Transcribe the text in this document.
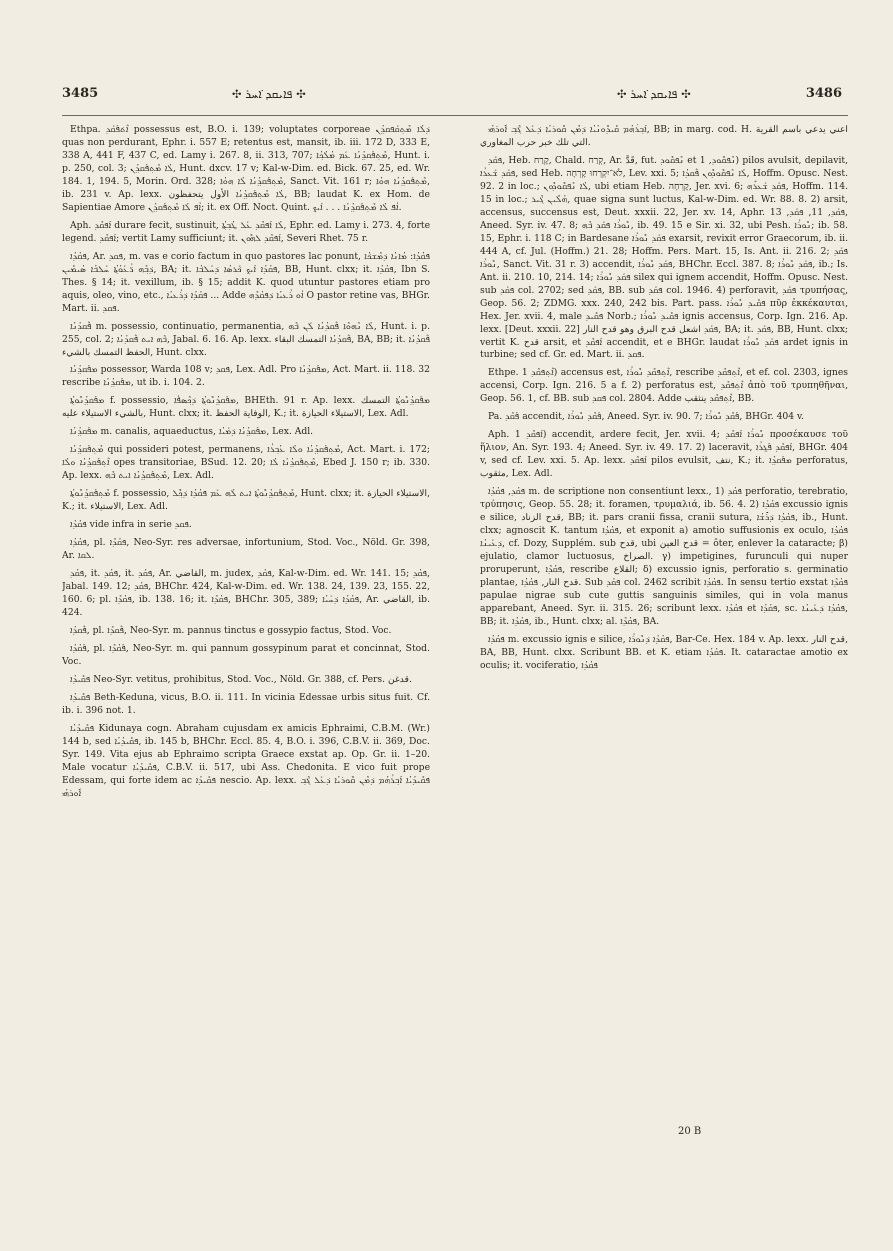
3485	✣ ܦܐܝܩܕ ܐ݁ܚܪ ✣	✣ ܦܐܝܩܕ ܐ݁ܚܪ ✣	3486

Ethpa. ܐܶܬ݁ܦܰܩܰܕ possessus est, B.O. i. 139; voluptates corporeae ܕ݁ܠܳܐ ܡܶܬ݂ܩܰܦܩܕ݂ܳܢ quas non perdurant, Ephr. i. 557 E; retentus est, mansit, ib. iii. 172 D, 333 E, 338 A, 441 F, 437 C, ed. Lamy i. 267. 8, ii. 313, 707; ܡܶܬ݂ܦܰܩܕ݂ܳܢܳܐ ܥܰܡ ܡܳܠܳܟ݂ܳܐ, Hunt. i. p. 250, col. 3; ܠܳܐ ܡܶܬ݂ܦܰܩܕ݂ܳܢ, Hunt. dxcv. 17 v; Kal-w-Dim. ed. Bick. 67. 25, ed. Wr. 184. 1, 194. 5, Morin. Ord. 328; ܡܶܬ݂ܦܰܩܕ݂ܳܢܳܐ ܠܳܐ ܗܘܳܐ, Sanct. Vit. 161 r; ܡܶܬ݂ܦܰܩܕ݂ܳܢܳܐ ܗܘܳܐ, ib. 231 v. Ap. lexx. ܠܳܐ ܡܶܬ݂ܦܰܩܕ݂ܳܢܳܐ الأول يتحفظون, BB; laudat K. ex Hom. de Sapientiae Amore ܐܳܦ ܠܳܐ ܡܶܬ݂ܦܰܩܕ݂ܳܢ; it. ex Off. Noct. Quint. ܐܳܦ ܠܳܐ ܡܶܬ݂ܦܰܩܕ݂ܳܢܳܐ . . . ܐܰܝܟ݂.

Aph. ܐܰܦܩܶܕ durare fecit, sustinuit, ܠܳܐ ܐܰܦܩܶܕ ܥܰܠ ܛܳܒ݂ܬ݂ܳܐ, Ephr. ed. Lamy i. 273. 4, forte legend. ܐܰܦܩܶܕ; vertit Lamy sufficiunt; it. ܐܰܦܩܶܕ ܠܗܽܘܢ, Severi Rhet. 75 r.

ܦܩܳܕܳܐ, Ar. ܦܩܕ, m. vas e corio factum in quo pastores lac ponunt, ܦܩܳܕܳܐ: ܡܳܐܢܳܐ ܕ݁ܡܶܫܟ݁ܳܐ ܕ݁ܒ݂ܶܗ ܪ̈ܳܥܰܘܳܬ݂ܳܐ ܚܰܠܒ݁ܳܐ ܣܳܝܡܺܝܢ, BA; it. ܦܩܳܕܳܐ ܐܰܝܟ݂ ܟ݁ܰܪܣܳܐ ܕ݁ܚܰܠܒ݁ܳܐ, BB, Hunt. clxx; it. ܦܩܳܕܳܐ, Ibn S. Thes. § 14; it. vexillum, ib. § 15; addit K. quod utuntur pastores etiam pro aquis, oleo, vino, etc., ܦܩܳܕܳܐ ܕ݁ܪܳܥܝܳܐ ... Adde ܐܳܘ ܪܳܥܝܳܐ ܕ݁ܦܩܳܕܶܗ O pastor retine vas, BHGr. Mart. ii. ܦܩܕ.

ܦܶܩܕܳܢܳܐ m. possessio, continuatio, permanentia, ܠܳܐ ܢܶܗܘܶܐ ܦܶܩܕܳܢܳܐ ܠܰܢ ܒ݁ܶܗ, Hunt. i. p. 255, col. 2; ܒ݁ܶܗ ܐܝܬ ܦܶܩܕܳܢܳܐ, Jabal. 6. 16. Ap. lexx. ܦܶܩܕܳܢܳܐ التمسك البقاء, BA, BB; it. ܦܶܩܕܳܢܳܐ الحفظ التمسك بالشيء, Hunt. clxx.

ܡܦܰܩܕ݂ܳܢܳܐ possessor, Warda 108 v; ܦܩܕ, Lex. Adl. Pro ܡܦܰܩܕ݂ܳܢܳܐ, Act. Mart. ii. 118. 32 rescribe ܡܦܰܩܕ݂ܳܢܳܐ, ut ib. i. 104. 2.

ܡܦܰܩܕ݂ܳܢܽܘܬ݂ܳܐ f. possessio, ܡܦܰܩܕ݂ܳܢܽܘܬ݂ܳܐ ܕ݁ܟ݂ܶܣܦ݁ܳܐ, BHEth. 91 r. Ap. lexx. ܡܦܰܩܕ݂ܳܢܽܘܬ݂ܳܐ التمسك بالشيء الاستيلاء عليه, Hunt. clxx; it. الوفاية الحفظ, K.; it. الاستيلاء الحيازة, Lex. Adl.

ܡܦܰܩܕ݂ܳܢܳܐ m. canalis, aquaeductus, ܡܦܰܩܕ݂ܳܢܳܐ ܕ݁ܡܰܝܳܐ, Lex. Adl.

ܡܶܬ݂ܦܰܩܕ݂ܳܢܳܐ qui possideri potest, permanens, ܡܶܬ݂ܦܰܩܕ݂ܳܢܳܐ ܘܠܳܐ ܥܳܒ݂ܪܳܐ, Act. Mart. i. 172; ܐܶܬ݂ܦܰܩܕ݂ܳܢܳܐ ܘܠܳܐ opes transitoriae, BSud. 12. 20; ܡܶܬ݂ܦܰܩܕ݂ܳܢܳܐ ܠܳܐ, Ebed J. 150 r; ib. 330. Ap. lexx. ܡܶܬ݂ܦܰܩܕ݂ܳܢܳܐ ܐܝܬ ܒ݁ܶܗ, Lex. Adl.

ܡܶܬ݂ܦܰܩܕ݂ܳܢܽܘܬ݂ܳܐ f. possessio, ܡܶܬ݂ܦܰܩܕ݂ܳܢܽܘܬ݂ܳܐ ܐܝܬ ܠܳܗ ܥܰܡ ܦܩܳܕܳܐ ܕ݁ܟ݂ܽܠ, Hunt. clxx; it. الاستيلاء الحيازة, K.; it. الاستيلاء, Lex. Adl.

ܦܩܳܕܳܐ vide infra in serie ܦܩܕ.

ܦܩܳܕܳܐ, pl. ܦܩܳܕܶܐ, Neo-Syr. res adversae, infortunium, Stod. Voc., Nöld. Gr. 398, Ar. ܠܩܐ.

ܦܩܳܕ, it. ܦܩܳܕ, it. ܦܩܳܕ, Ar. القاضي, m. judex, ܦܩܳܕ, Kal-w-Dim. ed. Wr. 141. 15; ܦܩܳܕ, Jabal. 149. 12; ܦܩܳܕ, BHChr. 424, Kal-w-Dim. ed. Wr. 138. 24, 139. 23, 155. 22, 160. 6; pl. ܦܩܳܕܶܐ, ib. 138. 16; it. ܦܩܳܕܶܐ, BHChr. 305, 389; ܦܩܳܕܳܐ ܕ݁ܚܰܝܳܐ, Ar. القاضي, ib. 424.

ܦܶܩܕܳܐ, pl. ܦܶܩܕܶܐ, Neo-Syr. m. pannus tinctus e gossypio factus, Stod. Voc.

ܦܰܩܳܕܳܐ, pl. ܦܰܩܳܕܶܐ, Neo-Syr. m. qui pannum gossypinum parat et concinnat, Stod. Voc.

ܦܩܺܝܕܳܐ Neo-Syr. vetitus, prohibitus, Stod. Voc., Nöld. Gr. 388, cf. Pers. قدغن.

ܦܩܺܝܕܳܐ Beth-Keduna, vicus, B.O. ii. 111. In vicinia Edessae urbis situs fuit. Cf. ib. i. 396 not. 1.

ܦܩܺܝܕܳܝܳܐ Kidunaya cogn. Abraham cujusdam ex amicis Ephraimi, C.B.M. (Wr.) 144 b, sed ܦܩܺܝܕܳܝܳܐ, ib. 145 b, BHChr. Eccl. 85. 4, B.O. i. 396, C.B.V. ii. 369, Doc. Syr. 149. Vita ejus ab Ephraimo scripta Graece exstat ap. Op. Gr. ii. 1–20. Male vocatur ܦܩܺܝܕܳܝܳܐ, C.B.V. ii. 517, ubi Ass. Chedonita. E vico fuit prope Edessam, qui forte idem ac ܦܩܺܝܕܳܐ nescio. Ap. lexx. ܦܩܺܝܕܳܝܳܐ ܐܰܒ݂ܪܳܗܳܡ ܕ݁ܡܶܢ ܩܽܘܪܝܳܐ ܕ݁ܥܰܠ ܓ݁ܶܒ݂ ܐܽܘܪܗܳܝ

ܐܰܒ݂ܪܳܗܳܡ ܩܺܝܕܽܘܢܳܝܳܐ ܕ݁ܡܶܢ ܩܽܘܪܝܳܐ ܕ݁ܥܰܠ ܓ݁ܶܒ݂ ܐܽܘܪܗܳܝ, BB; in marg. cod. H. اعني يدعي باسم القرية التي تلك خبر حرب المغاوري.

ܦܩܰܕ, Heb. קָרַח, Chald. קְרַח, Ar. قَدَّ, fut. ܢܶܦܩܽܘܕ et ܢܶܦܩܽܘܕ, 1) pilos avulsit, depilavit, ܦܩܰܕ ܫܰܥܪܳܐ, sed Heb. לֹא־יִקְרְחוּ קָרְחָה, Lev. xxi. 5; ܠܳܐ ܢܶܦܩܽܘܕܽܘܢ ܦܶܩܕܳܐ, Hoffm. Opusc. Nest. 92. 2 in loc.; ܠܳܐ ܢܶܦܩܽܘܕܽܘܢ, ubi etiam Heb. קָרְחָה, Jer. xvi. 6; ܦܩܰܕ ܫܰܥܪܶܗ, Hoffm. 114. 15 in loc.; ܗܳܠܶܝܢ ܓ݁ܶܝܪ, quae signa sunt luctus, Kal-w-Dim. ed. Wr. 88. 8. 2) arsit, accensus, succensus est, Deut. xxxii. 22, Jer. xv. 14, Aphr. ܦܩܰܕ, 11, ܦܩܰܕ, 13, Aneed. Syr. iv. 47. 8; ܢܽܘܪܳܐ ܦܩܰܕ ܒ݁ܶܗ, ib. 49. 15 e Sir. xi. 32, ubi Pesh. ܢܽܘܪܳܐ; ib. 58. 15, Ephr. i. 118 C; in Bardesane ܦܩܰܕ ܢܽܘܪܳܐ exarsit, revixit error Graecorum, ib. ii. 444 A, cf. Jul. (Hoffm.) 21. 28; Hoffm. Pers. Mart. 15, Is. Ant. ii. 216. 2; ܦܩܰܕ ܢܽܘܪܳܐ, Sanct. Vit. 31 r. 3) accendit, ܦܩܰܕ ܢܽܘܪܳܐ, BHChr. Eccl. 387. 8; ܦܩܰܕ ܢܽܘܪܳܐ, ib.; Is. Ant. ii. 210. 10, 214. 14; ܦܩܰܕ ܢܽܘܪܳܐ silex qui ignem accendit, Hoffm. Opusc. Nest. sub ܦܩܰܕ col. 2702; sed ܦܩܰܕ, BB. sub ܦܩܰܕ col. 1946. 4) perforavit, ܦܩܰܕ τρυπήσας, Geop. 56. 2; ZDMG. xxx. 240, 242 bis. Part. pass. ܦܩܺܝܕ ܢܽܘܪܳܐ πῦρ ἐκκέκαυται, Hex. Jer. xvii. 4, male ܦܩܺܝܕ Norb.; ܦܩܺܝܕ ܢܽܘܪܳܐ ignis accensus, Corp. Ign. 216. Ap. lexx. [Deut. xxxii. 22] ܦܩܰܕ اشعل قدح البرق وهو قدح النار, BA; it. ܦܩܰܕ, BB, Hunt. clxx; vertit K. قدح arsit, et ܐܰܦܩܶܕ accendit, et e BHGr. laudat ܦܩܰܕ ܢܽܘܪܳܐ ardet ignis in turbine; sed cf. Gr. ed. Mart. ii. ܦܩܕ.

Ethpe. ܐܶܬ݂ܦܩܶܕ 1) accensus est, ܐܶܬ݂ܦܩܶܕ ܢܽܘܪܳܐ, rescribe ܐܶܬ݂ܦܩܶܕ, et ef. col. 2303, ignes accensi, Corp. Ign. 216. 5 a f. 2) perforatus est, ܐܶܬ݂ܦܩܶܕ ἀπὸ τοῦ τρυπηθῆναι, Geop. 56. 1, cf. BB. sub ܦܩܕ col. 2804. Adde ܐܶܬ݂ܦܩܶܕ ينثقب, BB.

Pa. ܦܰܩܶܕ accendit, ܦܰܩܶܕ ܢܽܘܪܳܐ, Aneed. Syr. iv. 90. 7; ܦܰܩܶܕ ܢܽܘܪܳܐ, BHGr. 404 v.

Aph. ܐܰܦܩܶܕ 1) accendit, ardere fecit, Jer. xvii. 4; ܢܽܘܪܳܐ ܐܰܦܩܶܕ προσέκαυσε τοῦ ἥλιον, An. Syr. 193. 4; Aneed. Syr. iv. 49. 17. 2) laceravit, ܐܰܦܩܶܕ ܦܰܓ݂ܪܳܐ, BHGr. 404 v, sed cf. Lev. xxi. 5. Ap. lexx. ܐܰܦܩܶܕ pilos evulsit, نتف, K.; it. ܡܦܰܩܕ݂ܳܐ perforatus, مثقوب, Lex. Adl.

ܦܩܳܕ, ܦܩܳܕܳܐ m. de scriptione non consentiunt lexx., 1) ܦܩܳܕ perforatio, terebratio, τρύπησις, Geop. 55. 28; it. foramen, τρυμαλιά, ib. 56. 4. 2) ܦܩܳܕܳܐ excussio ignis e silice, قدح الزناد, BB; it. pars cranii fissa, cranii sutura, ܦܩܳܕܳܐ ܕ݁ܪܺܫܳܐ, ib., Hunt. clxx; agnoscit K. tantum ܦܩܳܕܳܐ, et exponit a) amotio suffusionis ex oculo, ܦܩܳܕܳܐ ܕ݁ܥܰܝܢܳܐ, cf. Dozy, Supplém. sub قدح, ubi قدح العين = ôter, enlever la cataracte; β) ejulatio, clamor luctuosus, الصراخ. γ) impetigines, furunculi qui nuper proruperunt, ܦܩܳܕܶܐ, rescribe القلاع; δ) excussio ignis, perforatio s. germinatio plantae, قدح النار, ܦܩܳܕܳܐ. Sub ܦܩܳܕ col. 2462 scribit ܦܩܳܕܳܐ. In sensu tertio exstat ܦܩܳܕܶܐ papulae nigrae sub cute guttis sanguinis similes, qui in vola manus apparebant, Aneed. Syr. ii. 315. 26; scribunt lexx. ܦܩܳܕܳܐ et ܦܩܳܕܳܐ, sc. ܦܩܳܕܳܐ ܕ݁ܥܰܝܢܳܐ, BB; it. ܦܩܳܕܳܐ, ib., Hunt. clxx; al. ܦܩܳܕܶܐ, BA.

ܦܩܳܕܳܐ m. excussio ignis e silice, ܦܩܳܕܳܐ ܕ݁ܢܽܘܪܳܐ, Bar-Ce. Hex. 184 v. Ap. lexx. قدح النار, BA, BB, Hunt. clxx. Scribunt BB. et K. etiam ܦܩܳܕܳܐ. It. cataractae amotio ex oculis; it. vociferatio, ܦܩܳܕܳܐ

20 B
